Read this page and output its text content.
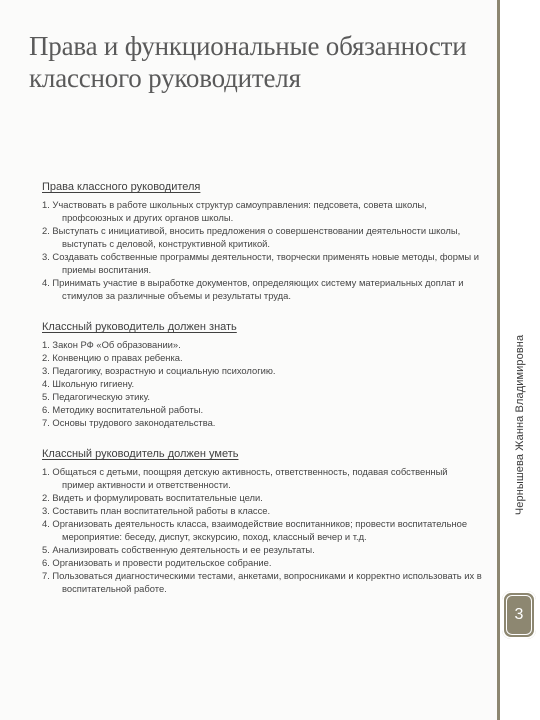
Права и функциональные обязанности классного руководителя
Права классного руководителя

1. Участвовать в работе школьных структур самоуправления: педсовета, совета школы, профсоюзных и других органов школы.

2. Выступать с инициативой, вносить предложения о совершенствовании деятельности школы, выступать с деловой, конструктивной критикой.

3. Создавать собственные программы деятельности, творчески применять новые методы, формы и приемы воспитания.

4. Принимать участие в выработке документов, определяющих систему материальных доплат и стимулов за различные объемы и результаты труда.

Классный руководитель должен знать

1. Закон РФ «Об образовании».

2. Конвенцию о правах ребенка.

3. Педагогику, возрастную и социальную психологию.

4. Школьную гигиену.

5. Педагогическую этику.

6. Методику воспитательной работы.

7. Основы трудового законодательства.

Классный руководитель должен уметь

1. Общаться с детьми, поощряя детскую активность, ответственность, подавая собственный пример активности и ответственности.

2. Видеть и формулировать воспитательные цели.

3. Составить план воспитательной работы в классе.

4. Организовать деятельность класса, взаимодействие воспитанников; провести воспитательное мероприятие: беседу, диспут, экскурсию, поход, классный вечер и т.д.

5. Анализировать собственную деятельность и ее результаты.

6. Организовать и провести родительское собрание.

7. Пользоваться диагностическими тестами, анкетами, вопросниками и корректно использовать их в воспитательной работе.

Чернышева Жанна Владимировна
3
